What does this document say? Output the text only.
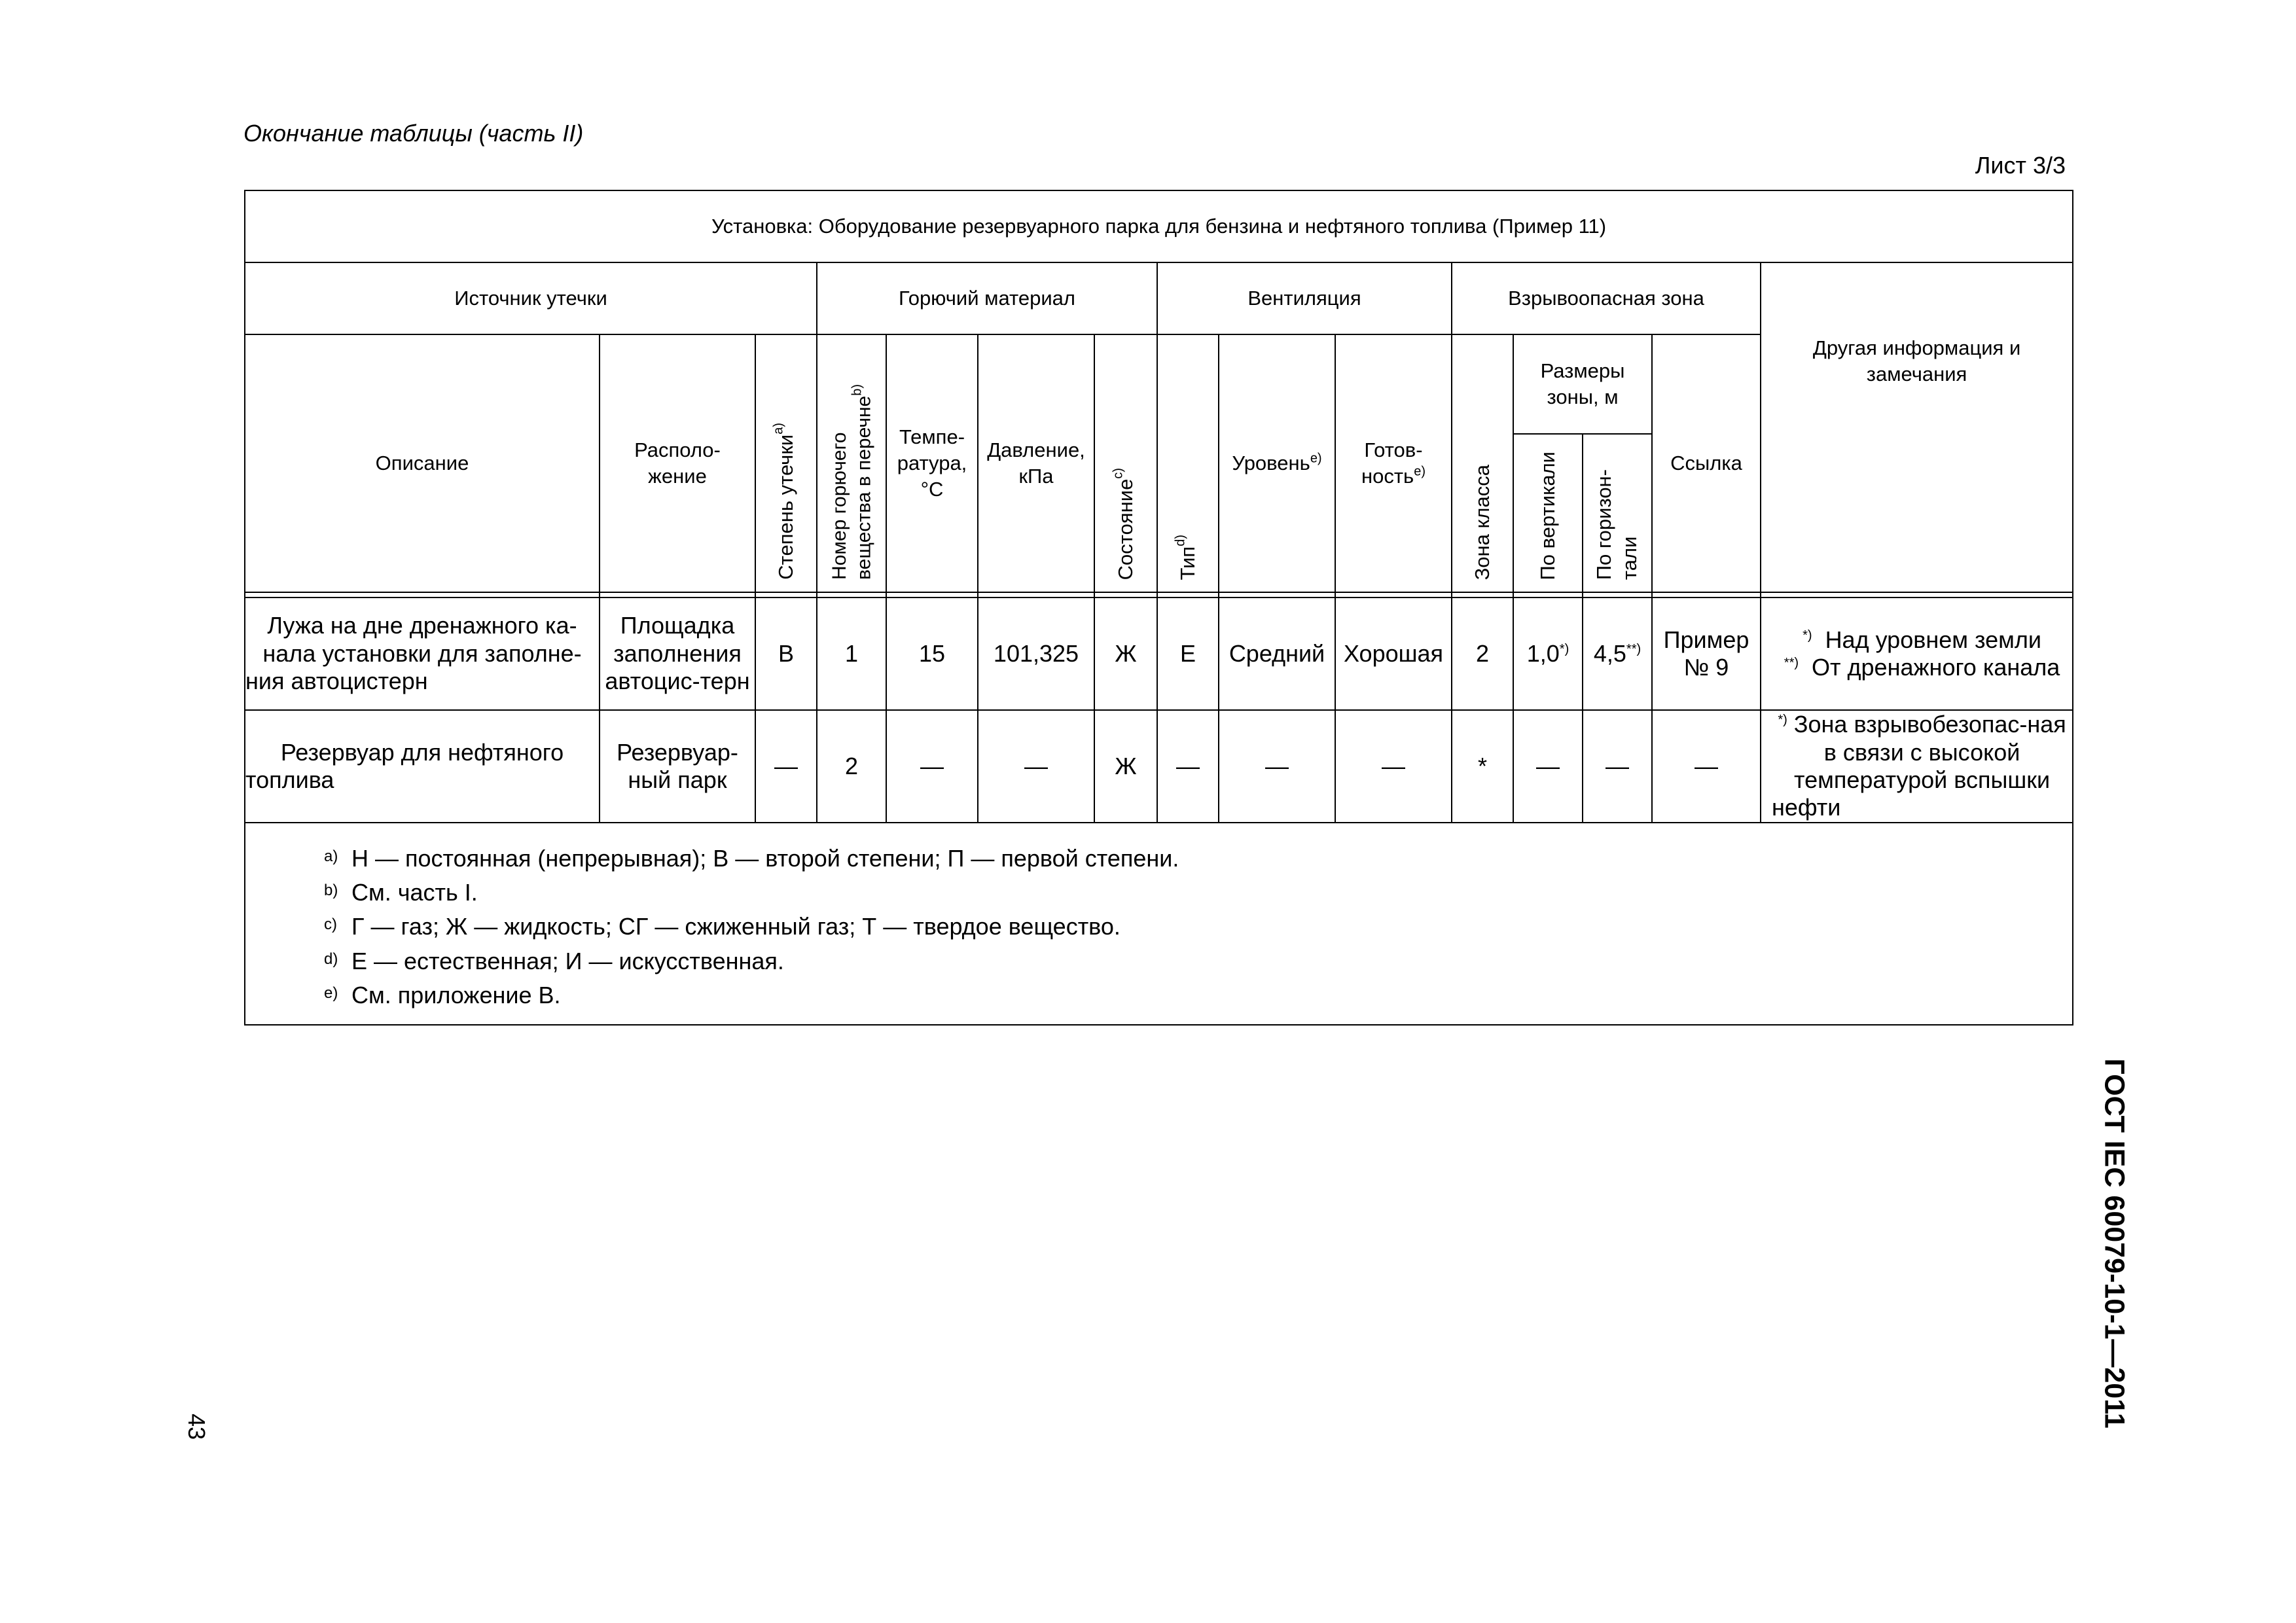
Окончание таблицы (часть II)
Лист 3/3
Установка: Оборудование резервуарного парка для бензина и нефтяного топлива (Пример 11)														
Источник утечки			Горючий материал				Вентиляция			Взрывоопасная зона				Другая информация и замечания
Описание	Располо-жение	Степень утечки$^{a)}$	Номер горючего вещества в перечне$^{b)}$	Темпе-ратура, °C	Давление, кПа	Состояние$^{c)}$	Тип$^{d)}$	Уровень$^{e)}$	Готов-ность$^{e)}$	Зона класса	Размеры зоны, м		Ссылка	

											По вертикали	По горизон- тали		

Лужа на дне дренажного ка-нала установки для заполне-ния автоцистерн	Площадка заполнения автоцис-терн	B	1	15	101,325	Ж	Е	Средний	Хорошая	2	1,0*)	4,5**)	Пример № 9	*) Над уровнем земли
**) От дренажного канала

Резервуар для нефтяного топлива	Резервуар-ный парк	—	2	—	—	Ж	—	—	—	*	—	—	—	*) Зона взрывобезопас-ная в связи с высокой температурой вспышки нефти

a) Н — постоянная (непрерывная); В — второй степени; П — первой степени.
b) См. часть I.
c) Г — газ; Ж — жидкость; СГ — сжиженный газ; Т — твердое вещество.
d) Е — естественная; И — искусственная.
e) См. приложение В.														
ГОСТ IEC 60079-10-1—2011
43
